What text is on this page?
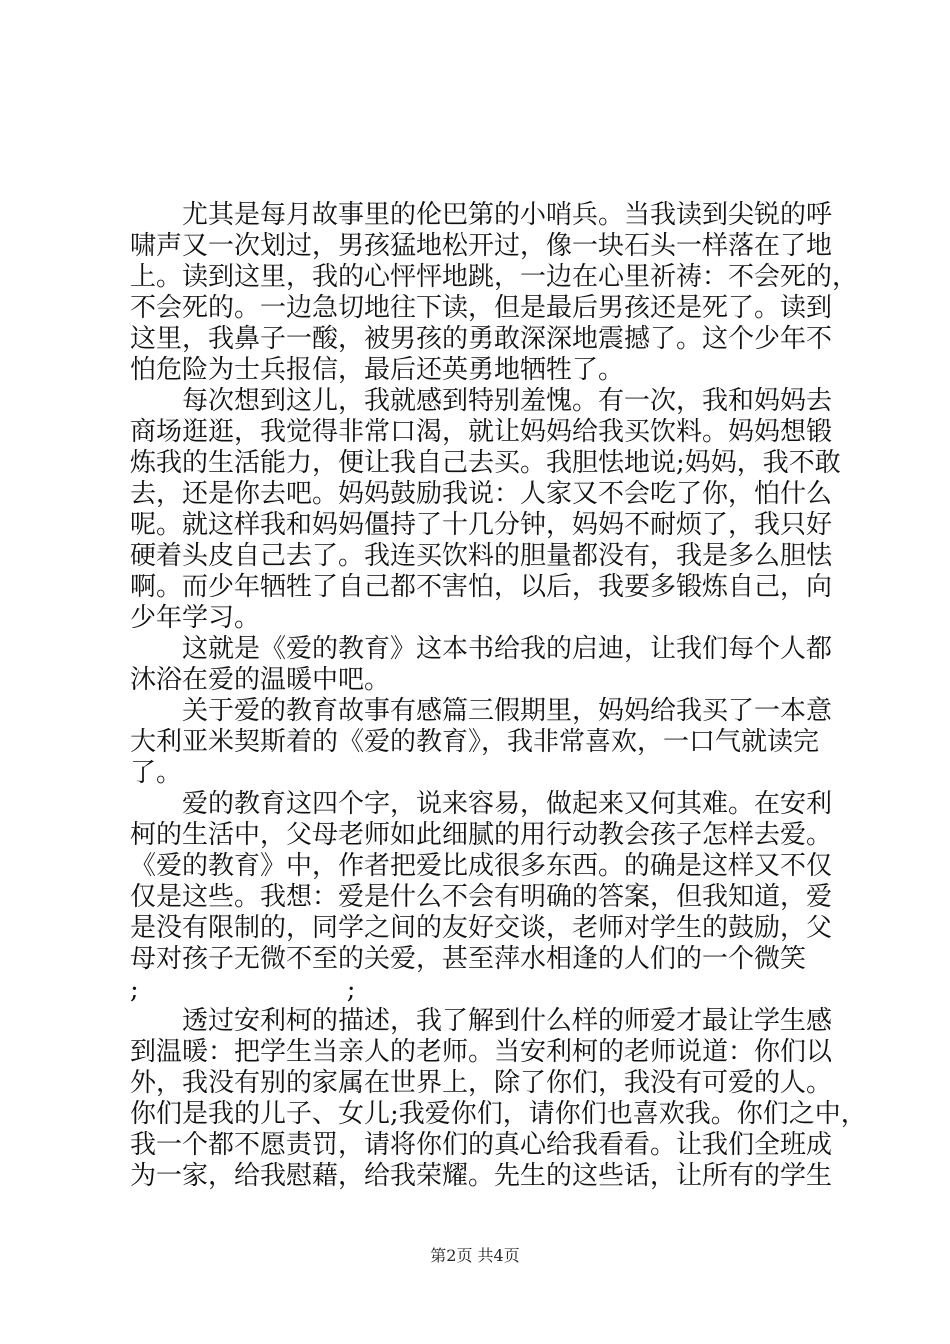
　　尤其是每月故事里的伦巴第的小哨兵。当我读到尖锐的呼
啸声又一次划过，男孩猛地松开过，像一块石头一样落在了地
上。读到这里，我的心怦怦地跳，一边在心里祈祷：不会死的，
不会死的。一边急切地往下读，但是最后男孩还是死了。读到
这里，我鼻子一酸，被男孩的勇敢深深地震撼了。这个少年不
怕危险为士兵报信，最后还英勇地牺牲了。
　　每次想到这儿，我就感到特别羞愧。有一次，我和妈妈去
商场逛逛，我觉得非常口渴，就让妈妈给我买饮料。妈妈想锻
炼我的生活能力，便让我自己去买。我胆怯地说;妈妈，我不敢
去，还是你去吧。妈妈鼓励我说：人家又不会吃了你，怕什么
呢。就这样我和妈妈僵持了十几分钟，妈妈不耐烦了，我只好
硬着头皮自己去了。我连买饮料的胆量都没有，我是多么胆怯
啊。而少年牺牲了自己都不害怕，以后，我要多锻炼自己，向
少年学习。
　　这就是《爱的教育》这本书给我的启迪，让我们每个人都
沐浴在爱的温暖中吧。
　　关于爱的教育故事有感篇三假期里，妈妈给我买了一本意
大利亚米契斯着的《爱的教育》，我非常喜欢，一口气就读完
了。
　　爱的教育这四个字，说来容易，做起来又何其难。在安利
柯的生活中，父母老师如此细腻的用行动教会孩子怎样去爱。
《爱的教育》中，作者把爱比成很多东西。的确是这样又不仅
仅是这些。我想：爱是什么不会有明确的答案，但我知道，爱
是没有限制的，同学之间的友好交谈，老师对学生的鼓励，父
母对孩子无微不至的关爱，甚至萍水相逢的人们的一个微笑
;　　　　　　　　;
　　透过安利柯的描述，我了解到什么样的师爱才最让学生感
到温暖：把学生当亲人的老师。当安利柯的老师说道：你们以
外，我没有别的家属在世界上，除了你们，我没有可爱的人。
你们是我的儿子、女儿;我爱你们，请你们也喜欢我。你们之中，
我一个都不愿责罚，请将你们的真心给我看看。让我们全班成
为一家，给我慰藉，给我荣耀。先生的这些话，让所有的学生
第2页 共4页
